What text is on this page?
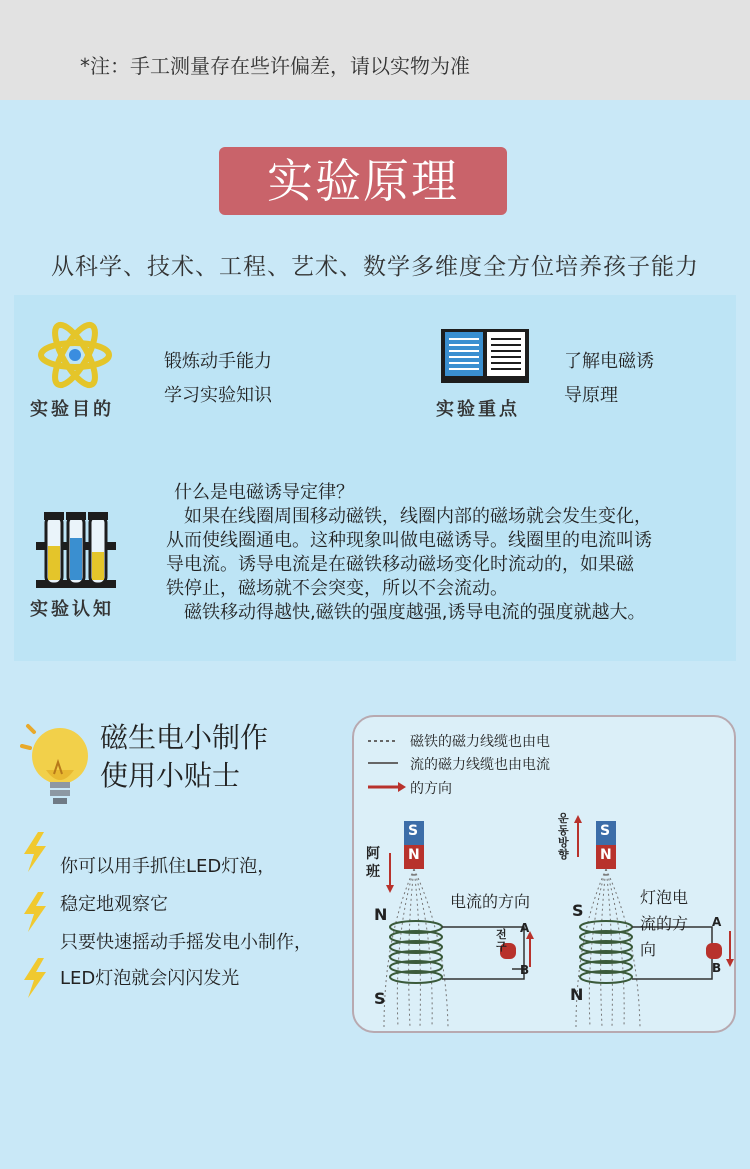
*注：手工测量存在些许偏差，请以实物为准
实验原理
从科学、技术、工程、艺术、数学多维度全方位培养孩子能力
实验目的
锻炼动手能力
学习实验知识
实验重点
了解电磁诱
导原理
实验认知
什么是电磁诱导定律？
如果在线圈周围移动磁铁，线圈内部的磁场就会发生变化，
从而使线圈通电。这种现象叫做电磁诱导。线圈里的电流叫诱
导电流。诱导电流是在磁铁移动磁场变化时流动的，如果磁
铁停止，磁场就不会突变，所以不会流动。
磁铁移动得越快,磁铁的强度越强,诱导电流的强度就越大。
磁生电小制作
使用小贴士
你可以用手抓住LED灯泡，
稳定地观察它
只要快速摇动手摇发电小制作，
LED灯泡就会闪闪发光
磁铁的磁力线缆也由电
流的磁力线缆也由电流
的方向
S
N
S
N
阿班
운동방향
电流的方向	灯泡电
流的方
向
전구
A
B
A
B
N
S
S
N
